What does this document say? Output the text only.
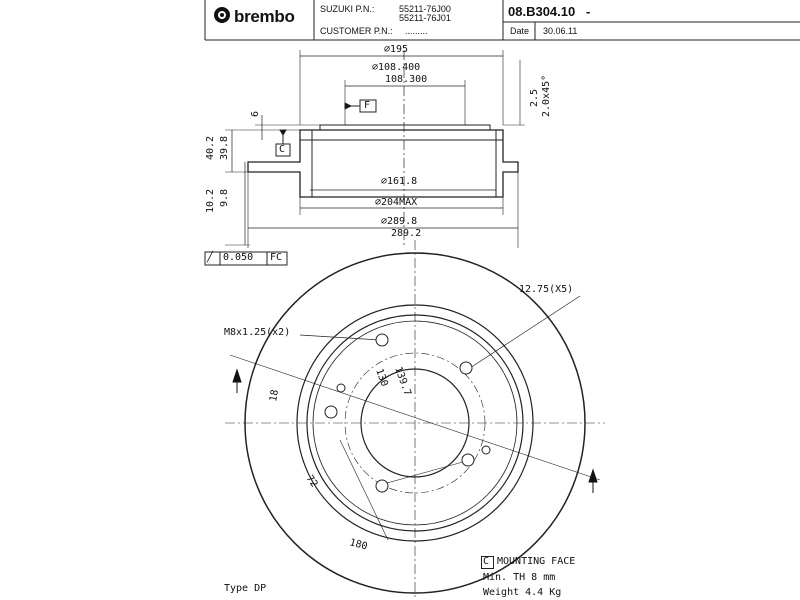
40.2 39.8
10.2 9.8
6
2.5 2.0x45°
130 139.7
18
72
180
brembo	SUZUKI P.N.:	55211-76J00
55211-76J01
CUSTOMER P.N.: .........
08.B304.10 -
Date 30.06.11
⌀195
⌀108.400
108.300
F
C
⌀161.8
⌀204MAX
⌀289.8
289.2
╱ 0.050 FC
12.75(X5)
M8x1.25(x2)
C MOUNTING FACE
Min. TH 8 mm
Weight 4.4 Kg
Type DP
